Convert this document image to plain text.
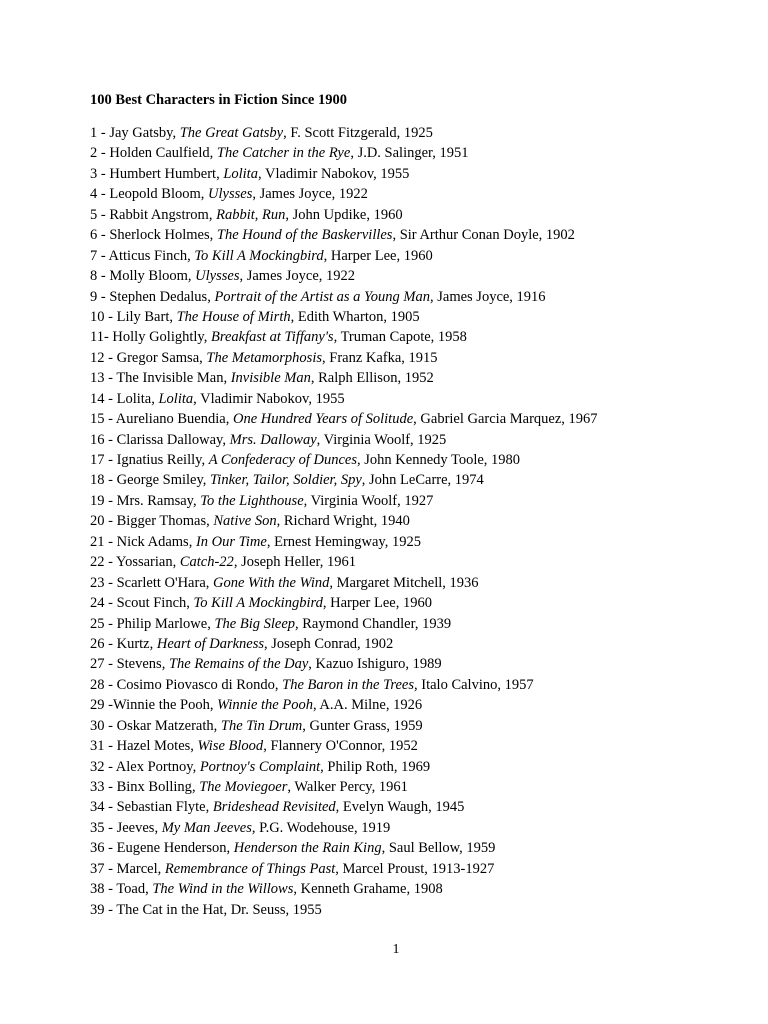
100 Best Characters in Fiction Since 1900
1 - Jay Gatsby, The Great Gatsby, F. Scott Fitzgerald, 1925
2 - Holden Caulfield, The Catcher in the Rye, J.D. Salinger, 1951
3 - Humbert Humbert, Lolita, Vladimir Nabokov, 1955
4 - Leopold Bloom, Ulysses, James Joyce, 1922
5 - Rabbit Angstrom, Rabbit, Run, John Updike, 1960
6 - Sherlock Holmes, The Hound of the Baskervilles, Sir Arthur Conan Doyle, 1902
7 - Atticus Finch, To Kill A Mockingbird, Harper Lee, 1960
8 - Molly Bloom, Ulysses, James Joyce, 1922
9 - Stephen Dedalus, Portrait of the Artist as a Young Man, James Joyce, 1916
10 - Lily Bart, The House of Mirth, Edith Wharton, 1905
11- Holly Golightly, Breakfast at Tiffany's, Truman Capote, 1958
12 - Gregor Samsa, The Metamorphosis, Franz Kafka, 1915
13 - The Invisible Man, Invisible Man, Ralph Ellison, 1952
14 - Lolita, Lolita, Vladimir Nabokov, 1955
15 - Aureliano Buendia, One Hundred Years of Solitude, Gabriel Garcia Marquez, 1967
16 - Clarissa Dalloway, Mrs. Dalloway, Virginia Woolf, 1925
17 - Ignatius Reilly, A Confederacy of Dunces, John Kennedy Toole, 1980
18 - George Smiley, Tinker, Tailor, Soldier, Spy, John LeCarre, 1974
19 - Mrs. Ramsay, To the Lighthouse, Virginia Woolf, 1927
20 - Bigger Thomas, Native Son, Richard Wright, 1940
21 - Nick Adams, In Our Time, Ernest Hemingway, 1925
22 - Yossarian, Catch-22, Joseph Heller, 1961
23 - Scarlett O'Hara, Gone With the Wind, Margaret Mitchell, 1936
24 - Scout Finch, To Kill A Mockingbird, Harper Lee, 1960
25 - Philip Marlowe, The Big Sleep, Raymond Chandler, 1939
26 - Kurtz, Heart of Darkness, Joseph Conrad, 1902
27 - Stevens, The Remains of the Day, Kazuo Ishiguro, 1989
28 - Cosimo Piovasco di Rondo, The Baron in the Trees, Italo Calvino, 1957
29 -Winnie the Pooh, Winnie the Pooh, A.A. Milne, 1926
30 - Oskar Matzerath, The Tin Drum, Gunter Grass, 1959
31 - Hazel Motes, Wise Blood, Flannery O'Connor, 1952
32 - Alex Portnoy, Portnoy's Complaint, Philip Roth, 1969
33 - Binx Bolling, The Moviegoer, Walker Percy, 1961
34 - Sebastian Flyte, Brideshead Revisited, Evelyn Waugh, 1945
35 - Jeeves, My Man Jeeves, P.G. Wodehouse, 1919
36 - Eugene Henderson, Henderson the Rain King, Saul Bellow, 1959
37 - Marcel, Remembrance of Things Past, Marcel Proust, 1913-1927
38 - Toad, The Wind in the Willows, Kenneth Grahame, 1908
39 - The Cat in the Hat, Dr. Seuss, 1955
1
